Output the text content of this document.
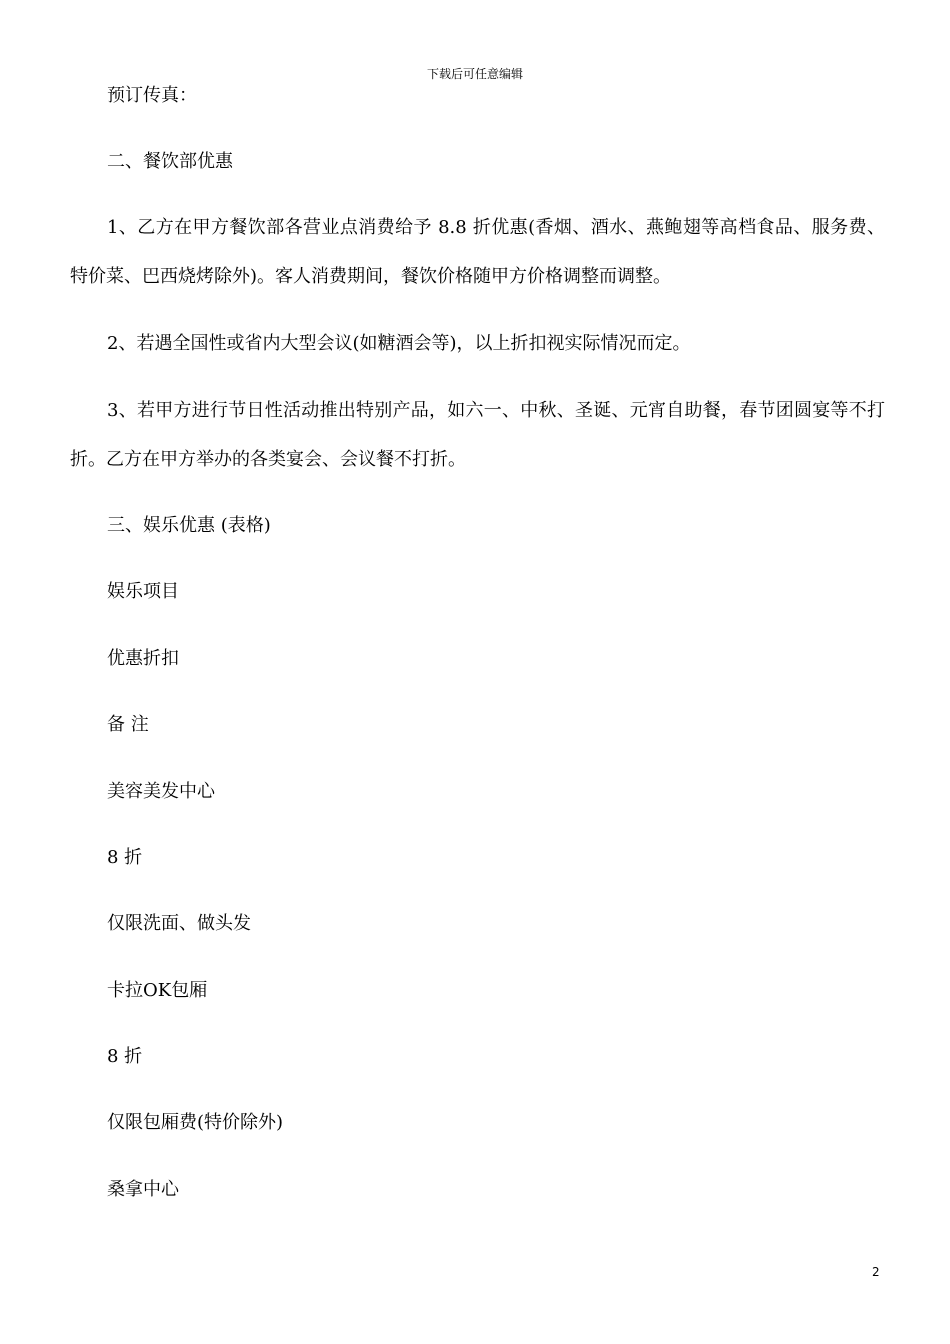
下载后可任意编辑
预订传真：
二、餐饮部优惠
1、乙方在甲方餐饮部各营业点消费给予 8.8 折优惠(香烟、酒水、燕鲍翅等高档食品、服务费、特价菜、巴西烧烤除外)。客人消费期间，餐饮价格随甲方价格调整而调整。
2、若遇全国性或省内大型会议(如糖酒会等)，以上折扣视实际情况而定。
3、若甲方进行节日性活动推出特别产品，如六一、中秋、圣诞、元宵自助餐，春节团圆宴等不打折。乙方在甲方举办的各类宴会、会议餐不打折。
三、娱乐优惠 (表格)
娱乐项目
优惠折扣
备 注
美容美发中心
8 折
仅限洗面、做头发
卡拉OK包厢
8 折
仅限包厢费(特价除外)
桑拿中心
2
